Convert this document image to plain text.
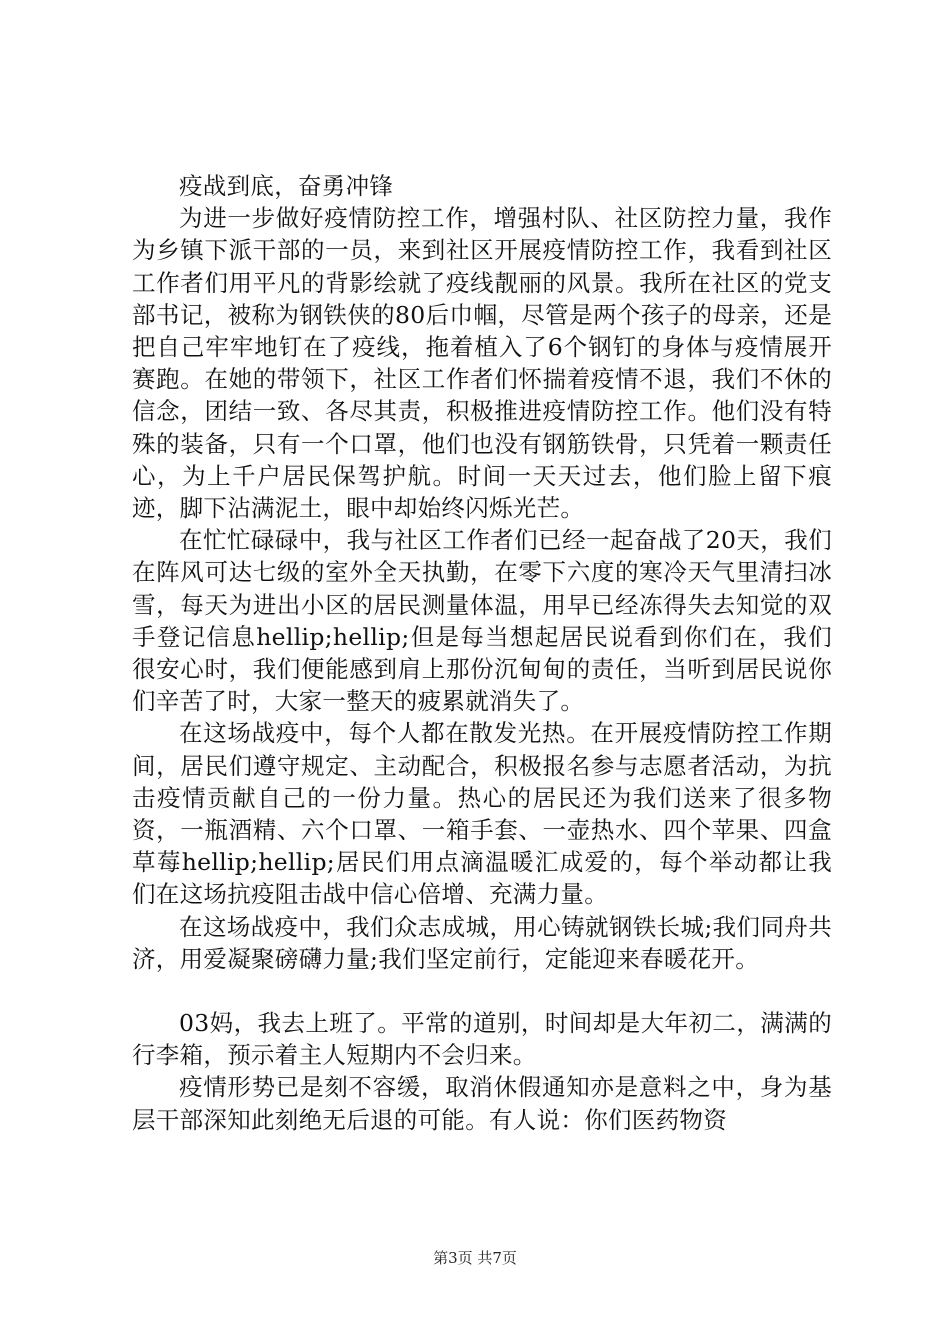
疫战到底，奋勇冲锋

为进一步做好疫情防控工作，增强村队、社区防控力量，我作为乡镇下派干部的一员，来到社区开展疫情防控工作，我看到社区工作者们用平凡的背影绘就了疫线靓丽的风景。我所在社区的党支部书记，被称为钢铁侠的80后巾帼，尽管是两个孩子的母亲，还是把自己牢牢地钉在了疫线，拖着植入了6个钢钉的身体与疫情展开赛跑。在她的带领下，社区工作者们怀揣着疫情不退，我们不休的信念，团结一致、各尽其责，积极推进疫情防控工作。他们没有特殊的装备，只有一个口罩，他们也没有钢筋铁骨，只凭着一颗责任心，为上千户居民保驾护航。时间一天天过去，他们脸上留下痕迹，脚下沾满泥土，眼中却始终闪烁光芒。

在忙忙碌碌中，我与社区工作者们已经一起奋战了20天，我们在阵风可达七级的室外全天执勤，在零下六度的寒冷天气里清扫冰雪，每天为进出小区的居民测量体温，用早已经冻得失去知觉的双手登记信息hellip;hellip;但是每当想起居民说看到你们在，我们很安心时，我们便能感到肩上那份沉甸甸的责任，当听到居民说你们辛苦了时，大家一整天的疲累就消失了。

在这场战疫中，每个人都在散发光热。在开展疫情防控工作期间，居民们遵守规定、主动配合，积极报名参与志愿者活动，为抗击疫情贡献自己的一份力量。热心的居民还为我们送来了很多物资，一瓶酒精、六个口罩、一箱手套、一壶热水、四个苹果、四盒草莓hellip;hellip;居民们用点滴温暖汇成爱的，每个举动都让我们在这场抗疫阻击战中信心倍增、充满力量。

在这场战疫中，我们众志成城，用心铸就钢铁长城;我们同舟共济，用爱凝聚磅礴力量;我们坚定前行，定能迎来春暖花开。

03妈，我去上班了。平常的道别，时间却是大年初二，满满的行李箱，预示着主人短期内不会归来。

疫情形势已是刻不容缓，取消休假通知亦是意料之中，身为基层干部深知此刻绝无后退的可能。有人说：你们医药物资

第3页 共7页
